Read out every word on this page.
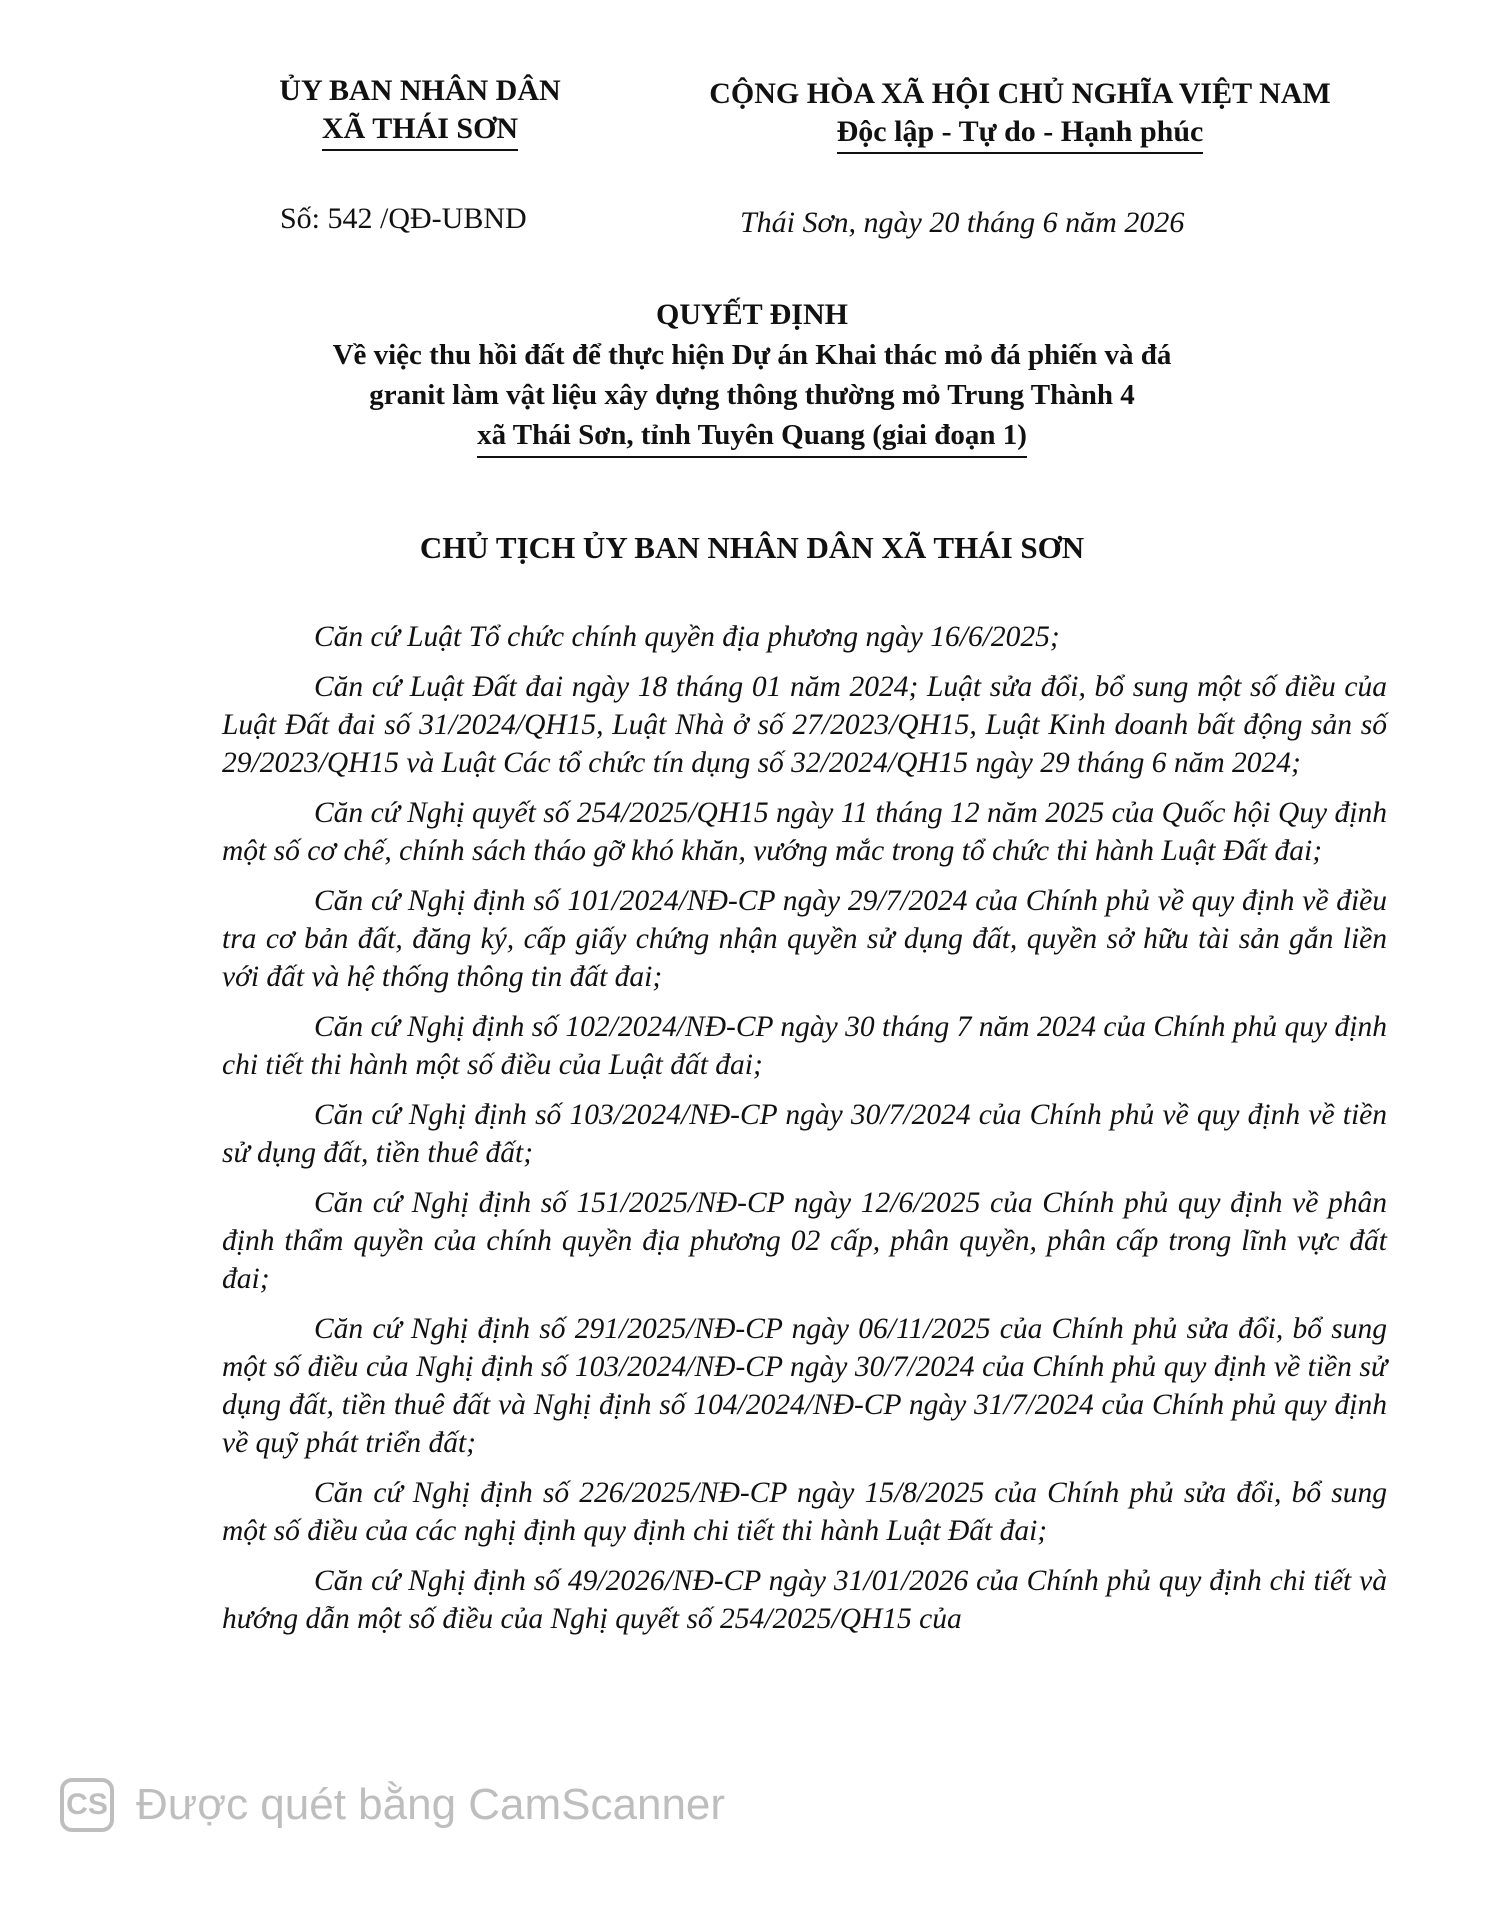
ỦY BAN NHÂN DÂN
XÃ THÁI SƠN
CỘNG HÒA XÃ HỘI CHỦ NGHĨA VIỆT NAM
Độc lập - Tự do - Hạnh phúc
Số: 542 /QĐ-UBND	Thái Sơn, ngày 20 tháng 6 năm 2026
QUYẾT ĐỊNH
Về việc thu hồi đất để thực hiện Dự án Khai thác mỏ đá phiến và đá
granit làm vật liệu xây dựng thông thường mỏ Trung Thành 4
xã Thái Sơn, tỉnh Tuyên Quang (giai đoạn 1)
CHỦ TỊCH ỦY BAN NHÂN DÂN XÃ THÁI SƠN

Căn cứ Luật Tổ chức chính quyền địa phương ngày 16/6/2025;

Căn cứ Luật Đất đai ngày 18 tháng 01 năm 2024; Luật sửa đổi, bổ sung một số điều của Luật Đất đai số 31/2024/QH15, Luật Nhà ở số 27/2023/QH15, Luật Kinh doanh bất động sản số 29/2023/QH15 và Luật Các tổ chức tín dụng số 32/2024/QH15 ngày 29 tháng 6 năm 2024;

Căn cứ Nghị quyết số 254/2025/QH15 ngày 11 tháng 12 năm 2025 của Quốc hội Quy định một số cơ chế, chính sách tháo gỡ khó khăn, vướng mắc trong tổ chức thi hành Luật Đất đai;

Căn cứ Nghị định số 101/2024/NĐ-CP ngày 29/7/2024 của Chính phủ về quy định về điều tra cơ bản đất, đăng ký, cấp giấy chứng nhận quyền sử dụng đất, quyền sở hữu tài sản gắn liền với đất và hệ thống thông tin đất đai;

Căn cứ Nghị định số 102/2024/NĐ-CP ngày 30 tháng 7 năm 2024 của Chính phủ quy định chi tiết thi hành một số điều của Luật đất đai;

Căn cứ Nghị định số 103/2024/NĐ-CP ngày 30/7/2024 của Chính phủ về quy định về tiền sử dụng đất, tiền thuê đất;

Căn cứ Nghị định số 151/2025/NĐ-CP ngày 12/6/2025 của Chính phủ quy định về phân định thẩm quyền của chính quyền địa phương 02 cấp, phân quyền, phân cấp trong lĩnh vực đất đai;

Căn cứ Nghị định số 291/2025/NĐ-CP ngày 06/11/2025 của Chính phủ sửa đổi, bổ sung một số điều của Nghị định số 103/2024/NĐ-CP ngày 30/7/2024 của Chính phủ quy định về tiền sử dụng đất, tiền thuê đất và Nghị định số 104/2024/NĐ-CP ngày 31/7/2024 của Chính phủ quy định về quỹ phát triển đất;

Căn cứ Nghị định số 226/2025/NĐ-CP ngày 15/8/2025 của Chính phủ sửa đổi, bổ sung một số điều của các nghị định quy định chi tiết thi hành Luật Đất đai;

Căn cứ Nghị định số 49/2026/NĐ-CP ngày 31/01/2026 của Chính phủ quy định chi tiết và hướng dẫn một số điều của Nghị quyết số 254/2025/QH15 của

CS Được quét bằng CamScanner
